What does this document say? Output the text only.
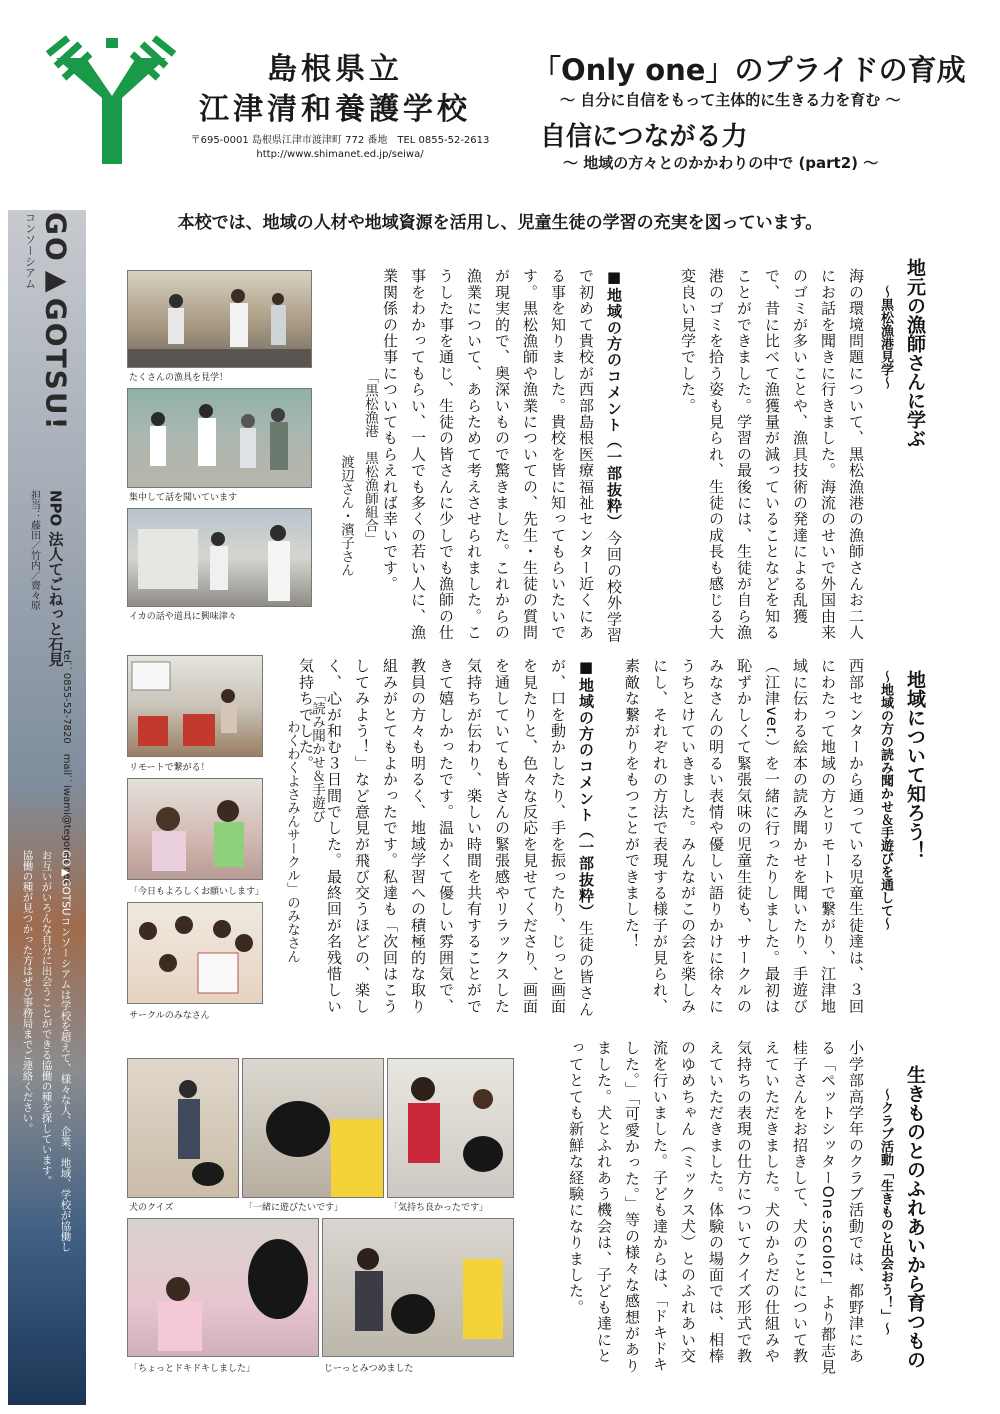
島根県立
江津清和養護学校
〒695-0001 島根県江津市渡津町 772 番地　TEL 0855-52-2613
http://www.shimanet.ed.jp/seiwa/
「Only one」のプライドの育成
～ 自分に自信をもって主体的に生きる力を育む ～
自信につながる力
～ 地域の方々とのかかわりの中で (part2) ～
本校では、地域の人材や地域資源を活用し、児童生徒の学習の充実を図っています。
GO▶GOTSU!
コンソーシアム
NPO 法人てごねっと石見
担当：藤田／竹内／齋々原
tel：0855-52-7820　mail：iwami@tegonet.net
GO▶GOTSUコンソーシアムは学校を超えて、様々な人、企業、地域、学校が協働し
お互いがいろんな自分に出会うことができる協働の種を探しています。
協働の種が見つかった方はぜひ事務局までご連絡ください。
地元の漁師さんに学ぶ
～黒松漁港見学～
海の環境問題について、黒松漁港の漁師さんお二人にお話を聞きに行きました。海流のせいで外国由来のゴミが多いことや、漁具技術の発達による乱獲で、昔に比べて漁獲量が減っていることなどを知ることができました。学習の最後には、生徒が自ら漁港のゴミを拾う姿も見られ、生徒の成長も感じる大変良い見学でした。
■地域の方のコメント（一部抜粋）今回の校外学習で初めて貴校が西部島根医療福祉センター近くにある事を知りました。貴校を皆に知ってもらいたいです。黒松漁師や漁業についての、先生・生徒の質問が現実的で、奥深いもので驚きました。これからの漁業について、あらためて考えさせられました。こうした事を通じ、生徒の皆さんに少しでも漁師の仕事をわかってもらい、一人でも多くの若い人に、漁業関係の仕事についてもらえれば幸いです。
「黒松漁港　黒松漁師組合」
渡辺さん・濱子さん
たくさんの漁具を見学！
集中して話を聞いています
イカの話や道具に興味津々
地域について知ろう！
～地域の方の読み聞かせ＆手遊びを通して～
西部センターから通っている児童生徒達は、３回にわたって地域の方とリモートで繋がり、江津地域に伝わる絵本の読み聞かせを聞いたり、手遊び（江津ver.）を一緒に行ったりしました。最初は恥ずかしくて緊張気味の児童生徒も、サークルのみなさんの明るい表情や優しい語りかけに徐々にうちとけていきました。みんながこの会を楽しみにし、それぞれの方法で表現する様子が見られ、素敵な繋がりをもつことができました！
■地域の方のコメント（一部抜粋）生徒の皆さんが、口を動かしたり、手を振ったり、じっと画面を見たりと、色々な反応を見せてくださり、画面を通していても皆さんの緊張感やリラックスした気持ちが伝わり、楽しい時間を共有することができて嬉しかったです。温かくて優しい雰囲気で、教員の方々も明るく、地域学習への積極的な取り組みがとてもよかったです。私達も「次回はこうしてみよう！」など意見が飛び交うほどの、楽しく、心が和む３日間でした。最終回が名残惜しい気持ちでした。
「読み聞かせ＆手遊び
わくわくよさみんサークル」のみなさん
リモートで繋がる！
「今日もよろしくお願いします」
サークルのみなさん
生きものとのふれあいから育つもの
～クラブ活動「生きものと出会おう！」～
小学部高学年のクラブ活動では、都野津にある「ペットシッターOne.scolor」より都志見桂子さんをお招きして、犬のことについて教えていただきました。犬のからだの仕組みや気持ちの表現の仕方についてクイズ形式で教えていただきました。体験の場面では、相棒のゆめちゃん（ミックス犬）とのふれあい交流を行いました。子ども達からは、「ドキドキした。」「可愛かった。」等の様々な感想がありました。犬とふれあう機会は、子ども達にとってとても新鮮な経験になりました。
犬のクイズ	「一緒に遊びたいです」	「気持ち良かったです」
「ちょっとドキドキしました」	じーっとみつめました
